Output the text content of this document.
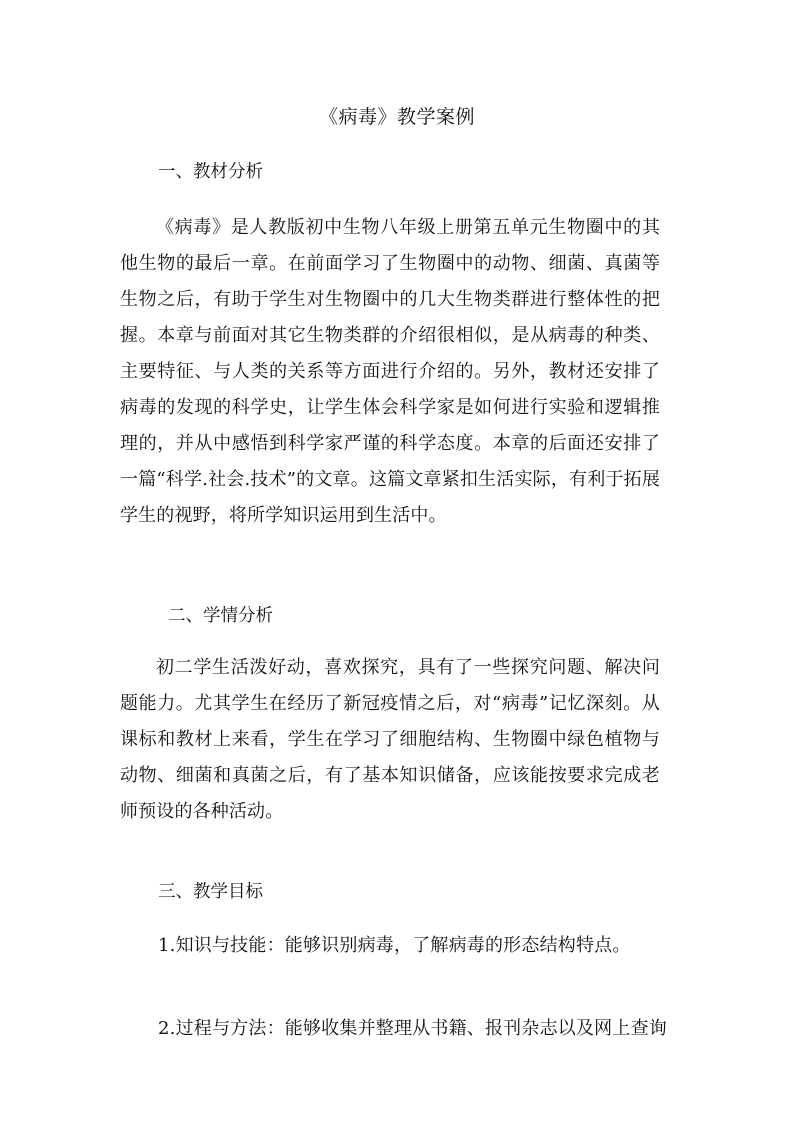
《病毒》教学案例
一、教材分析
《病毒》是人教版初中生物八年级上册第五单元生物圈中的其他生物的最后一章。在前面学习了生物圈中的动物、细菌、真菌等生物之后，有助于学生对生物圈中的几大生物类群进行整体性的把握。本章与前面对其它生物类群的介绍很相似，是从病毒的种类、主要特征、与人类的关系等方面进行介绍的。另外，教材还安排了病毒的发现的科学史，让学生体会科学家是如何进行实验和逻辑推理的，并从中感悟到科学家严谨的科学态度。本章的后面还安排了一篇“科学.社会.技术”的文章。这篇文章紧扣生活实际，有利于拓展学生的视野，将所学知识运用到生活中。
二、学情分析
初二学生活泼好动，喜欢探究，具有了一些探究问题、解决问题能力。尤其学生在经历了新冠疫情之后，对“病毒”记忆深刻。从课标和教材上来看，学生在学习了细胞结构、生物圈中绿色植物与动物、细菌和真菌之后，有了基本知识储备，应该能按要求完成老师预设的各种活动。
三、教学目标
1.知识与技能：能够识别病毒，了解病毒的形态结构特点。
2.过程与方法：能够收集并整理从书籍、报刊杂志以及网上查询
